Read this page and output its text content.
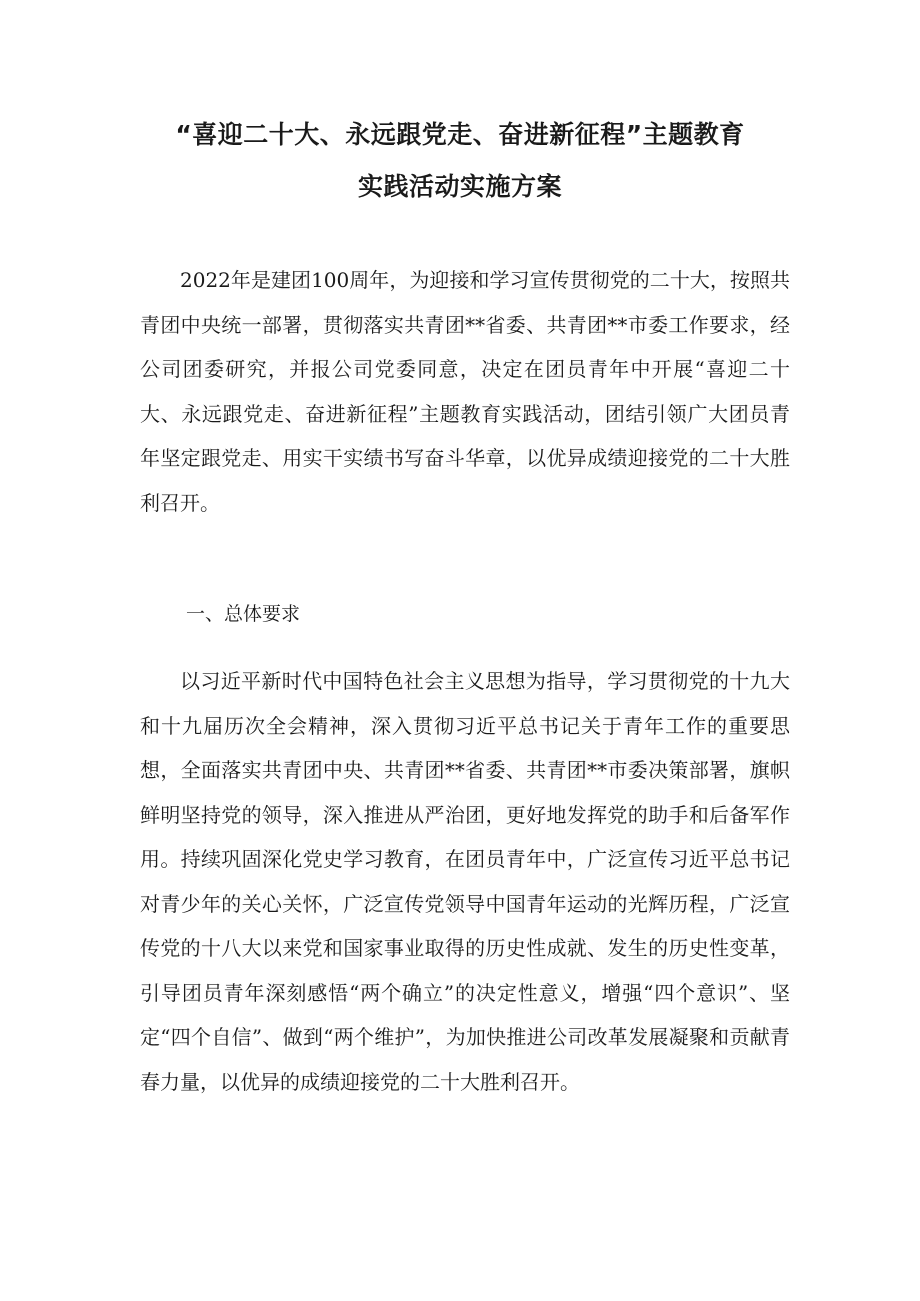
“喜迎二十大、永远跟党走、奋进新征程”主题教育
实践活动实施方案

2022年是建团100周年，为迎接和学习宣传贯彻党的二十大，按照共青团中央统一部署，贯彻落实共青团**省委、共青团**市委工作要求，经公司团委研究，并报公司党委同意，决定在团员青年中开展“喜迎二十大、永远跟党走、奋进新征程”主题教育实践活动，团结引领广大团员青年坚定跟党走、用实干实绩书写奋斗华章，以优异成绩迎接党的二十大胜利召开。

一、总体要求

以习近平新时代中国特色社会主义思想为指导，学习贯彻党的十九大和十九届历次全会精神，深入贯彻习近平总书记关于青年工作的重要思想，全面落实共青团中央、共青团**省委、共青团**市委决策部署，旗帜鲜明坚持党的领导，深入推进从严治团，更好地发挥党的助手和后备军作用。持续巩固深化党史学习教育，在团员青年中，广泛宣传习近平总书记对青少年的关心关怀，广泛宣传党领导中国青年运动的光辉历程，广泛宣传党的十八大以来党和国家事业取得的历史性成就、发生的历史性变革，引导团员青年深刻感悟“两个确立”的决定性意义，增强“四个意识”、坚定“四个自信”、做到“两个维护”，为加快推进公司改革发展凝聚和贡献青春力量，以优异的成绩迎接党的二十大胜利召开。
